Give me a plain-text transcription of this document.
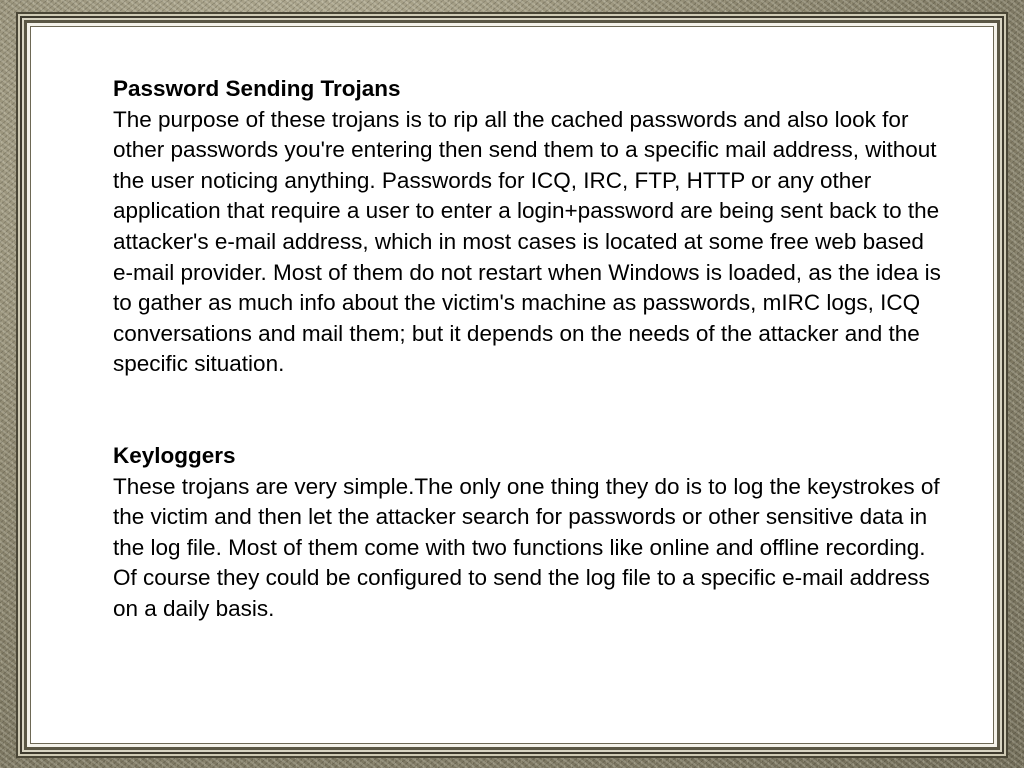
Password Sending Trojans

The purpose of these trojans is to rip all the cached passwords and also look for other passwords you're entering then send them to a specific mail address, without the user noticing anything. Passwords for ICQ, IRC, FTP, HTTP or any other application that require a user to enter a login+password are being sent back to the attacker's e-mail address, which in most cases is located at some free web based e-mail provider. Most of them do not restart when Windows is loaded, as the idea is to gather as much info about the victim's machine as passwords, mIRC logs, ICQ conversations and mail them; but it depends on the needs of the attacker and the specific situation.

Keyloggers

These trojans are very simple.The only one thing they do is to log the keystrokes of the victim and then let the attacker search for passwords or other sensitive data in the log file. Most of them come with two functions like online and offline recording. Of course they could be configured to send the log file to a specific e-mail address on a daily basis.
